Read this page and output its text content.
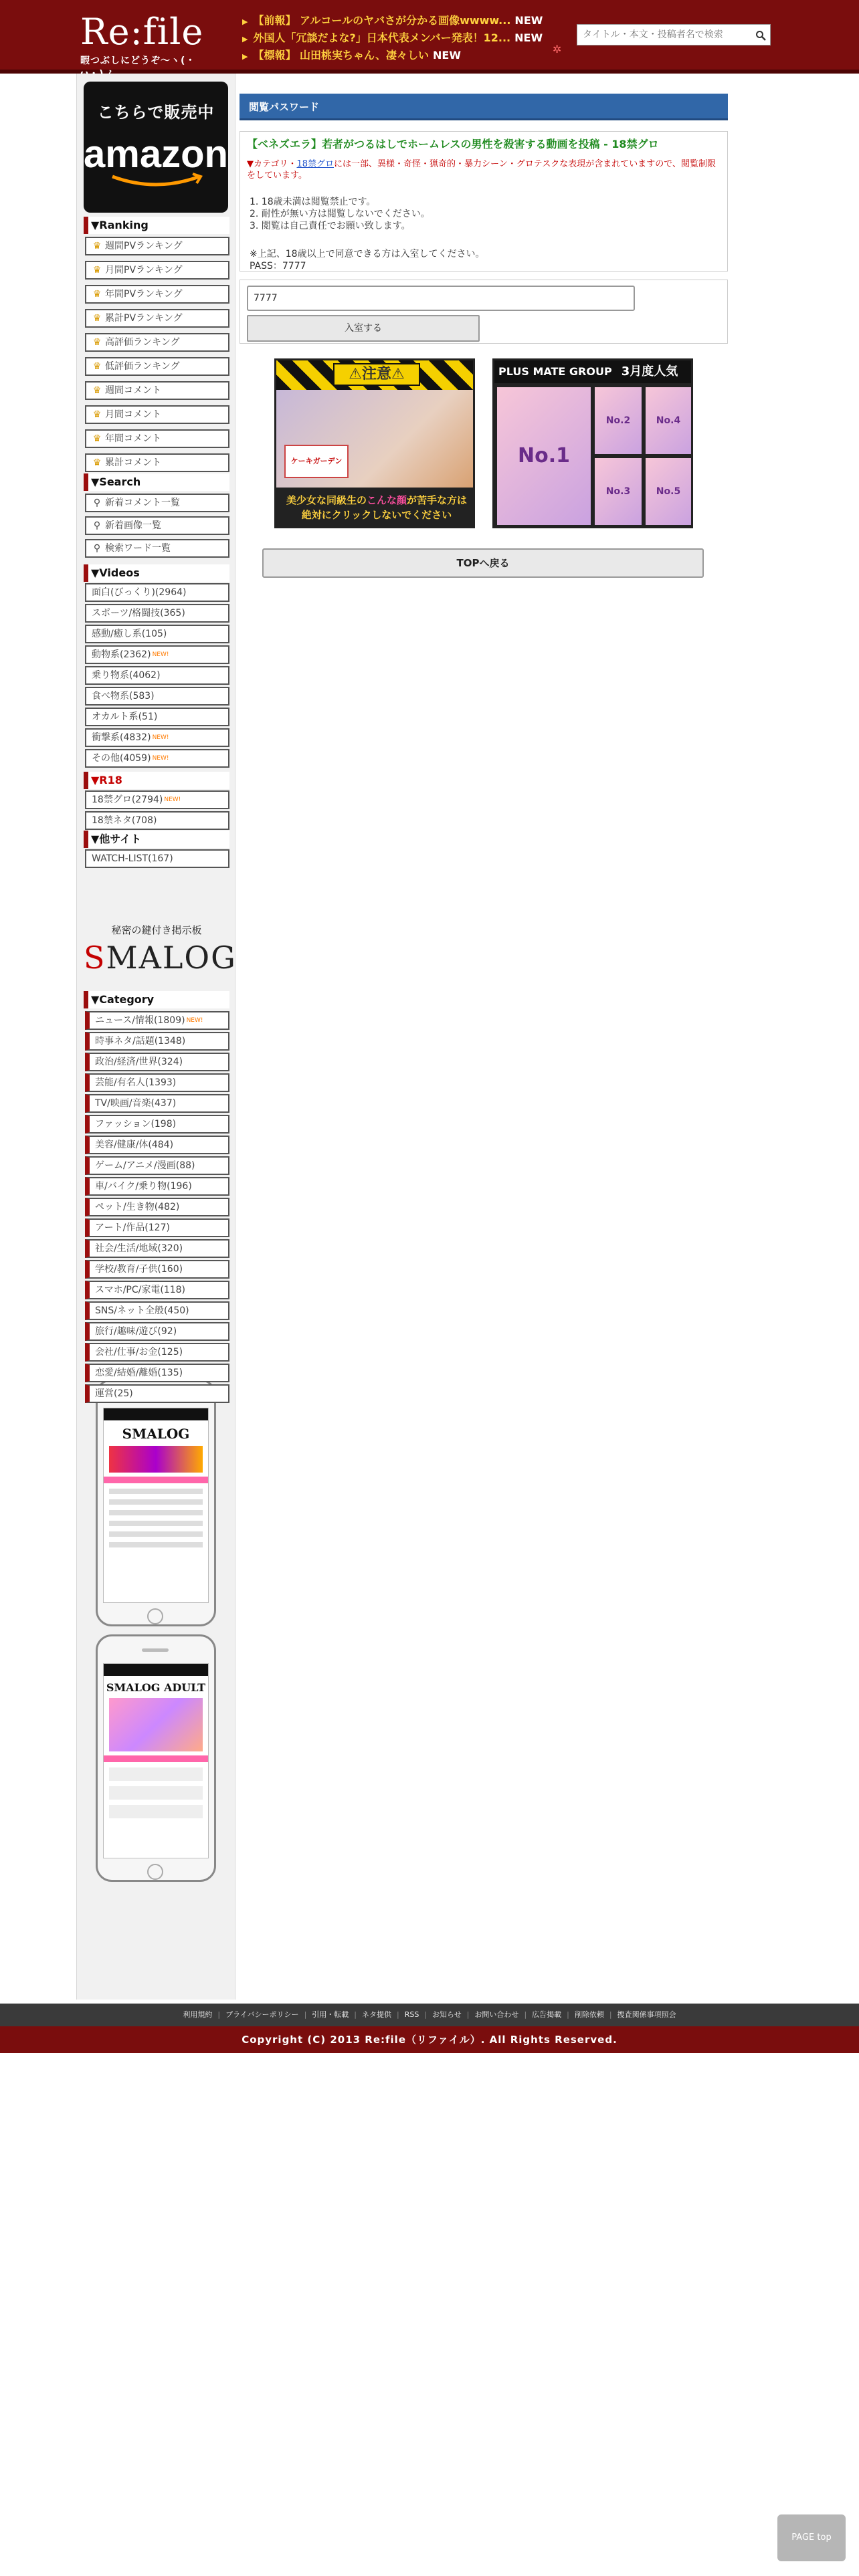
Re:file
暇つぶしにどうぞ〜ヽ(・
▶ 【前報】 アルコールのヤバさが分かる画像wwww... NEW
▶ 外国人「冗談だよな?」日本代表メンバー発表！12... NEW
▶ 【標報】 山田桃実ちゃん、凄々しい NEW	✲
タイトル・本文・投稿者名で検索
こちらで販売中
amazon
▼Ranking
▼Search
▼Videos
▼R18
▼他サイト
秘密の鍵付き掲示板
SMALOG
▼Category
SMALOG
SMALOG ADULT
♛ 週間PVランキング
♛ 月間PVランキング
♛ 年間PVランキング
♛ 累計PVランキング
♛ 高評価ランキング
♛ 低評価ランキング
♛ 週間コメント
♛ 月間コメント
♛ 年間コメント
♛ 累計コメント
⚲ 新着コメント一覧
⚲ 新着画像一覧
⚲ 検索ワード一覧
面白(びっくり)(2964)
スポーツ/格闘技(365)
感動/癒し系(105)
動物系(2362) $^{NEW!}$
乗り物系(4062)
食べ物系(583)
オカルト系(51)
衝撃系(4832) $^{NEW!}$
その他(4059) $^{NEW!}$
18禁グロ(2794) $^{NEW!}$
18禁ネタ(708)
WATCH-LIST(167)
ニュース/情報(1809) $^{NEW!}$
時事ネタ/話題(1348)
政治/経済/世界(324)
芸能/有名人(1393)
TV/映画/音楽(437)
ファッション(198)
美容/健康/体(484)
ゲーム/アニメ/漫画(88)
車/バイク/乗り物(196)
ペット/生き物(482)
アート/作品(127)
社会/生活/地域(320)
学校/教育/子供(160)
スマホ/PC/家電(118)
SNS/ネット全般(450)
旅行/趣味/遊び(92)
会社/仕事/お金(125)
恋愛/結婚/離婚(135)
運営(25)
閲覧パスワード
【ベネズエラ】若者がつるはしでホームレスの男性を殺害する動画を投稿 - 18禁グロ
▼カテゴリ・18禁グロには一部、異様・奇怪・猟奇的・暴力シーン・グロテスクな表現が含まれていますので、閲覧制限をしています。
1. 18歳未満は閲覧禁止です。
2. 耐性が無い方は閲覧しないでください。
3. 閲覧は自己責任でお願い致します。
※上記、18歳以上で同意できる方は入室してください。
PASS：7777
7777
入室する
⚠注意⚠
ケーキガーデン
美少女な同級生のこんな顔が苦手な方は
絶対にクリックしないでください
PLUS MATE GROUP 3月度人気
No.1
No.2	No.4
No.3	No.5
TOPへ戻る
利用規約 | プライバシーポリシー | 引用・転載 | ネタ提供 | RSS | お知らせ | お問い合わせ | 広告掲載 | 削除依頼 | 捜査関係事項照会
Copyright (C) 2013 Re:file（リファイル）. All Rights Reserved.
PAGE top
